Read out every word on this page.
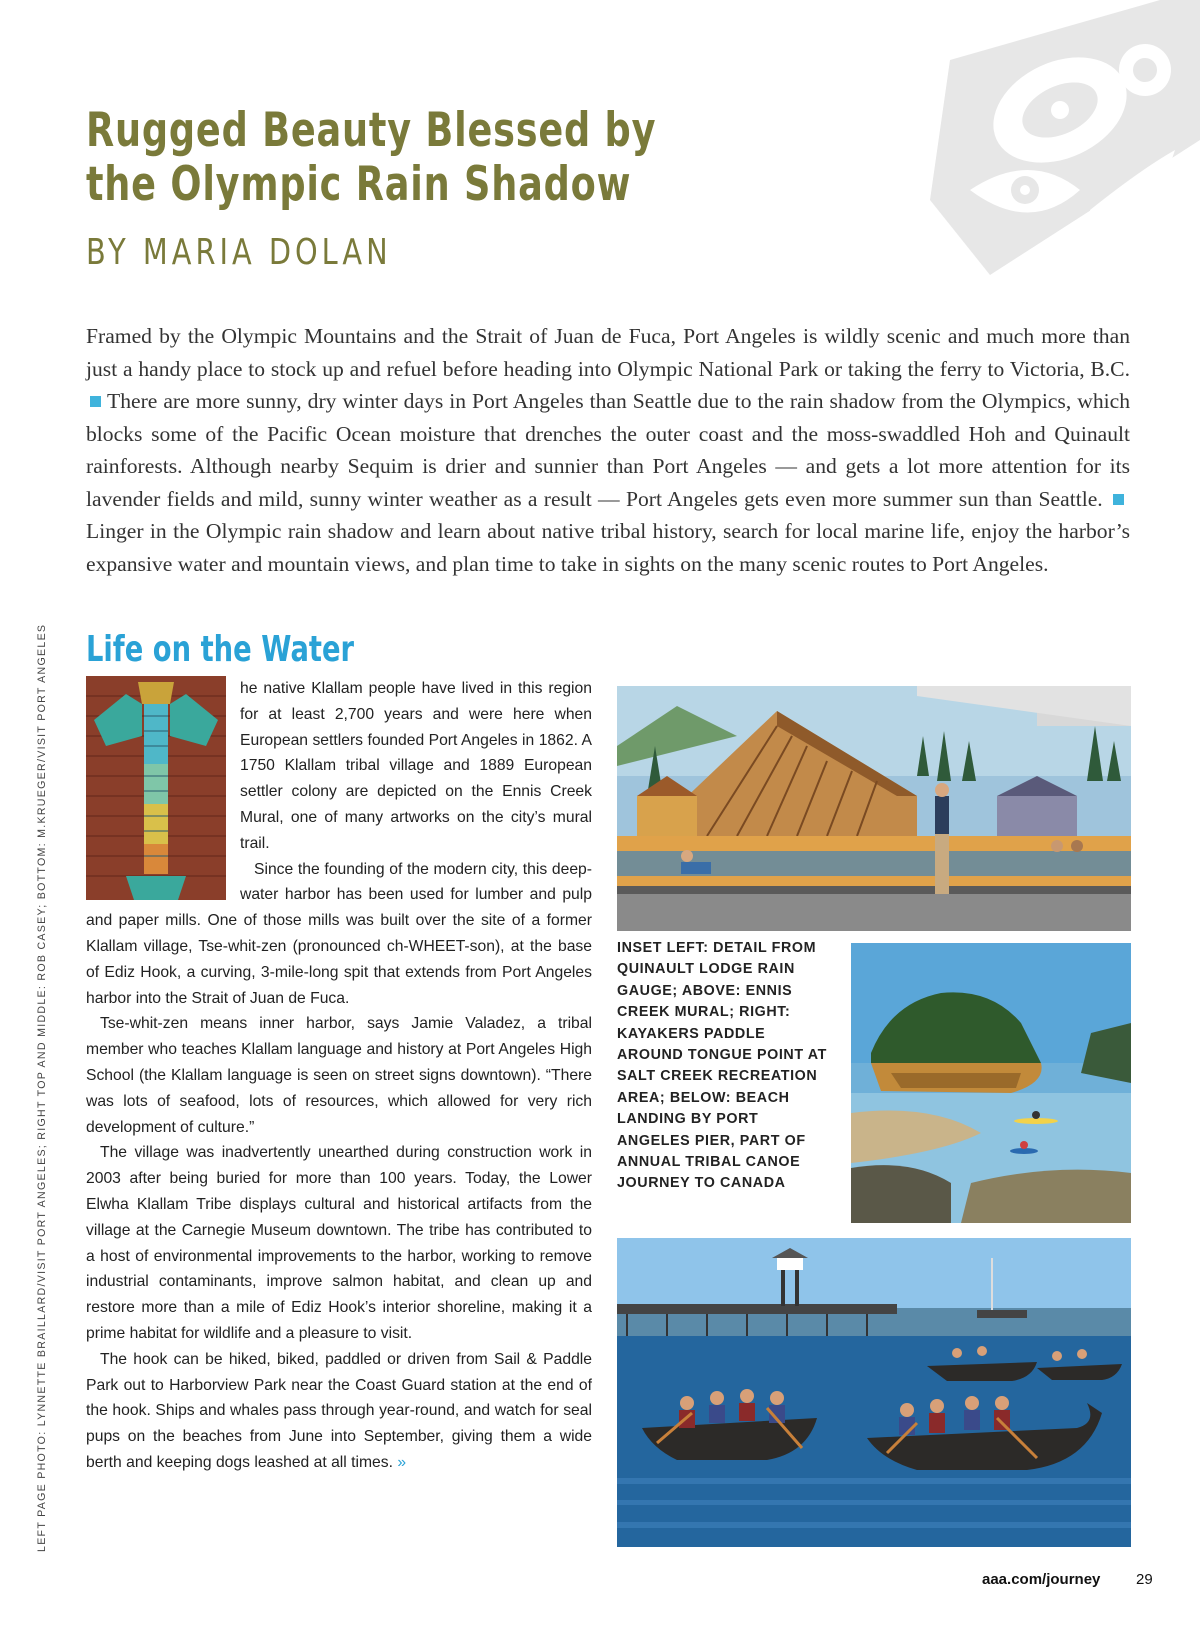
Rugged Beauty Blessed by
the Olympic Rain Shadow
BY MARIA DOLAN

Framed by the Olympic Mountains and the Strait of Juan de Fuca, Port Angeles is wildly scenic and much more than just a handy place to stock up and refuel before heading into Olympic National Park or taking the ferry to Victoria, B.C. There are more sunny, dry winter days in Port Angeles than Seattle due to the rain shadow from the Olympics, which blocks some of the Pacific Ocean moisture that drenches the outer coast and the moss-swaddled Hoh and Quinault rainforests. Although nearby Sequim is drier and sunnier than Port Angeles — and gets a lot more attention for its lavender fields and mild, sunny winter weather as a result — Port Angeles gets even more summer sun than Seattle. Linger in the Olympic rain shadow and learn about native tribal history, search for local marine life, enjoy the harbor’s expansive water and mountain views, and plan time to take in sights on the many scenic routes to Port Angeles.

Life on the Water

he native Klallam people have lived in this region for at least 2,700 years and were here when European settlers founded Port Angeles in 1862. A 1750 Klallam tribal village and 1889 European settler colony are depicted on the Ennis Creek Mural, one of many artworks on the city’s mural trail.

Since the founding of the modern city, this deep-water harbor has been used for lumber and pulp and paper mills. One of those mills was built over the site of a former Klallam village, Tse-whit-zen (pronounced ch-WHEET-son), at the base of Ediz Hook, a curving, 3-mile-long spit that extends from Port Angeles harbor into the Strait of Juan de Fuca.

Tse-whit-zen means inner harbor, says Jamie Valadez, a tribal member who teaches Klallam language and history at Port Angeles High School (the Klallam language is seen on street signs downtown). “There was lots of seafood, lots of resources, which allowed for very rich development of culture.”

The village was inadvertently unearthed during construction work in 2003 after being buried for more than 100 years. Today, the Lower Elwha Klallam Tribe displays cultural and historical artifacts from the village at the Carnegie Museum downtown. The tribe has contributed to a host of environmental improvements to the harbor, working to remove industrial contaminants, improve salmon habitat, and clean up and restore more than a mile of Ediz Hook’s interior shoreline, making it a prime habitat for wildlife and a pleasure to visit.

The hook can be hiked, biked, paddled or driven from Sail & Paddle Park out to Harborview Park near the Coast Guard station at the end of the hook. Ships and whales pass through year-round, and watch for seal pups on the beaches from June into September, giving them a wide berth and keeping dogs leashed at all times. »

INSET LEFT: DETAIL FROM QUINAULT LODGE RAIN GAUGE; ABOVE: ENNIS CREEK MURAL; RIGHT: KAYAKERS PADDLE AROUND TONGUE POINT AT SALT CREEK RECREATION AREA; BELOW: BEACH LANDING BY PORT ANGELES PIER, PART OF ANNUAL TRIBAL CANOE JOURNEY TO CANADA

LEFT PAGE PHOTO: LYNNETTE BRAILLARD/VISIT PORT ANGELES; RIGHT TOP AND MIDDLE: ROB CASEY; BOTTOM: M.KRUEGER/VISIT PORT ANGELES
aaa.com/journey 29
